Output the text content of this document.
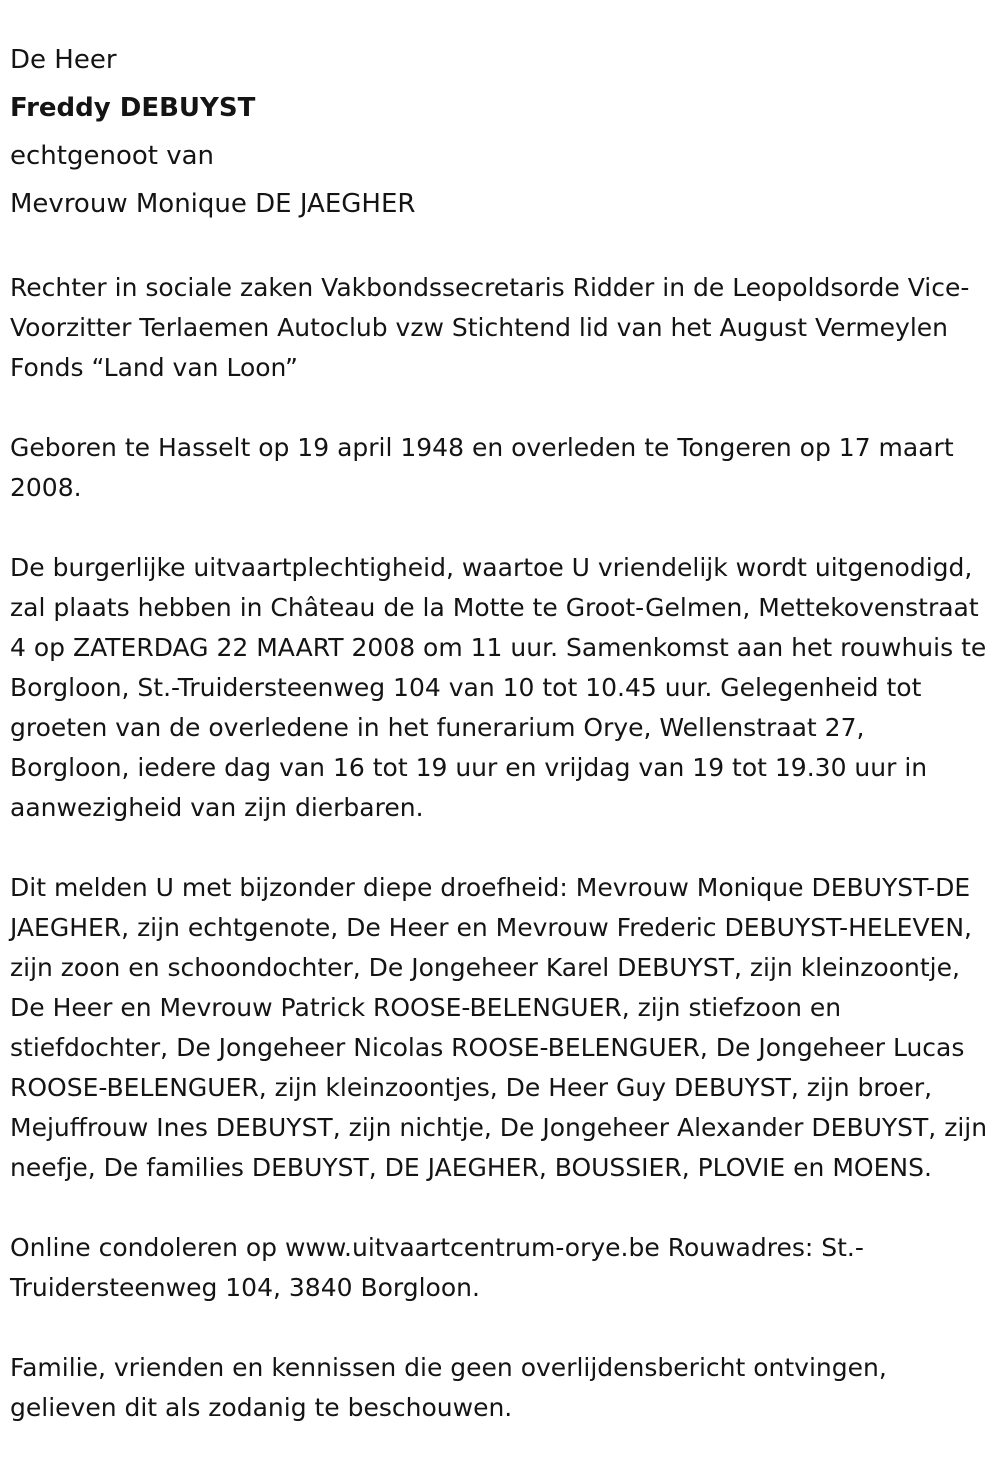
De Heer

Freddy DEBUYST

echtgenoot van

Mevrouw Monique DE JAEGHER

Rechter in sociale zaken Vakbondssecretaris Ridder in de Leopoldsorde Vice-Voorzitter Terlaemen Autoclub vzw Stichtend lid van het August Vermeylen Fonds “Land van Loon”

Geboren te Hasselt op 19 april 1948 en overleden te Tongeren op 17 maart 2008.

De burgerlijke uitvaartplechtigheid, waartoe U vriendelijk wordt uitgenodigd, zal plaats hebben in Château de la Motte te Groot-Gelmen, Mettekovenstraat 4 op ZATERDAG 22 MAART 2008 om 11 uur. Samenkomst aan het rouwhuis te Borgloon, St.-Truidersteenweg 104 van 10 tot 10.45 uur. Gelegenheid tot groeten van de overledene in het funerarium Orye, Wellenstraat 27, Borgloon, iedere dag van 16 tot 19 uur en vrijdag van 19 tot 19.30 uur in aanwezigheid van zijn dierbaren.

Dit melden U met bijzonder diepe droefheid: Mevrouw Monique DEBUYST-DE JAEGHER, zijn echtgenote, De Heer en Mevrouw Frederic DEBUYST-HELEVEN, zijn zoon en schoondochter, De Jongeheer Karel DEBUYST, zijn kleinzoontje, De Heer en Mevrouw Patrick ROOSE-BELENGUER, zijn stiefzoon en stiefdochter, De Jongeheer Nicolas ROOSE-BELENGUER, De Jongeheer Lucas ROOSE-BELENGUER, zijn kleinzoontjes, De Heer Guy DEBUYST, zijn broer, Mejuffrouw Ines DEBUYST, zijn nichtje, De Jongeheer Alexander DEBUYST, zijn neefje, De families DEBUYST, DE JAEGHER, BOUSSIER, PLOVIE en MOENS.

Online condoleren op www.uitvaartcentrum-orye.be Rouwadres: St.-Truidersteenweg 104, 3840 Borgloon.

Familie, vrienden en kennissen die geen overlijdensbericht ontvingen, gelieven dit als zodanig te beschouwen.
